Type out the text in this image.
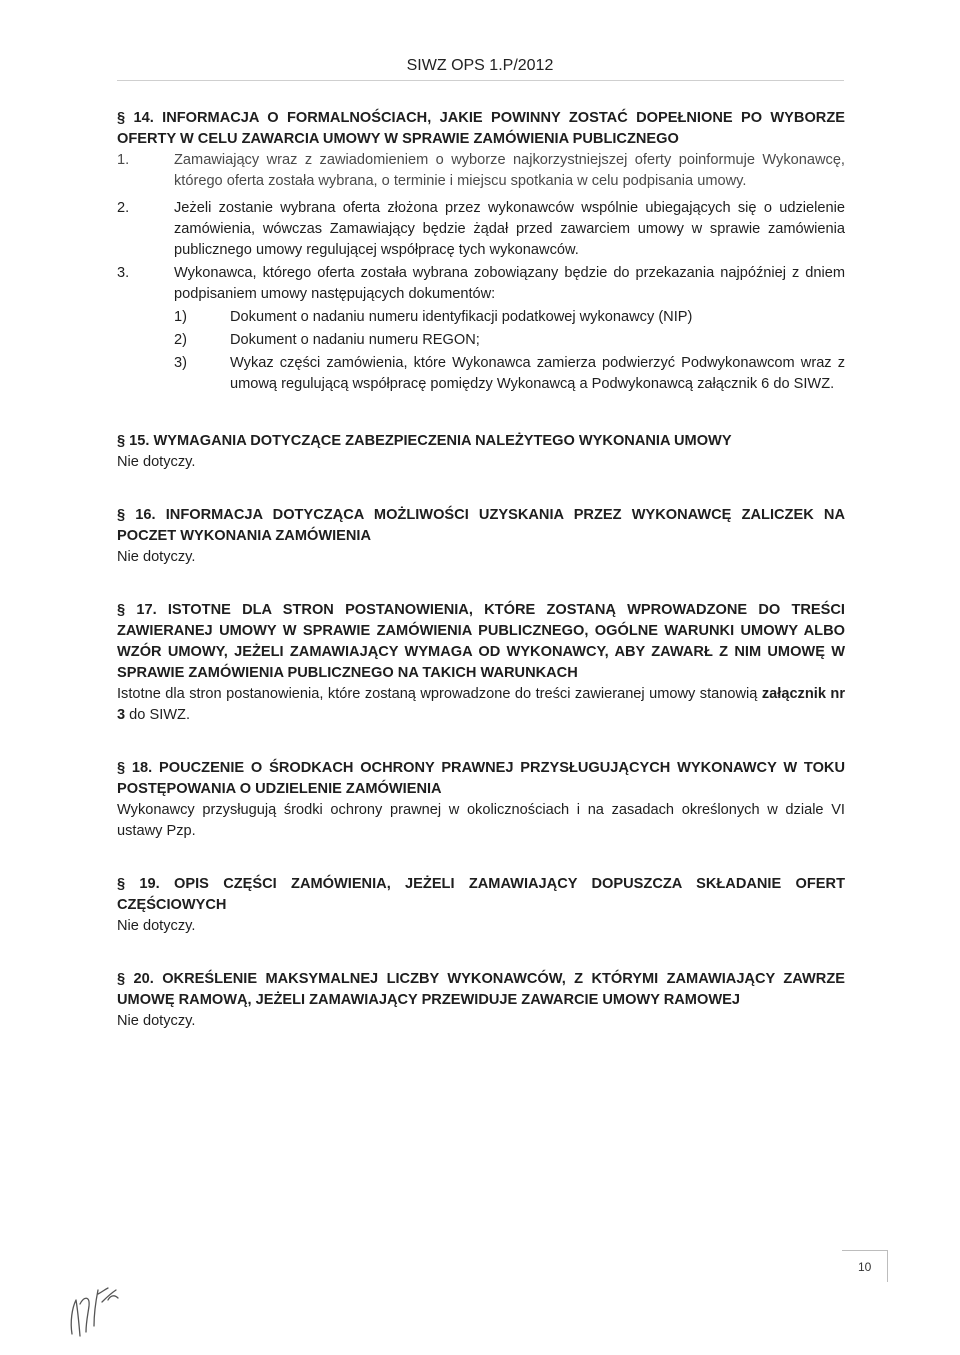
SIWZ OPS 1.P/2012
§ 14. INFORMACJA O FORMALNOŚCIACH, JAKIE POWINNY ZOSTAĆ DOPEŁNIONE PO WYBORZE OFERTY W CELU ZAWARCIA UMOWY W SPRAWIE ZAMÓWIENIA PUBLICZNEGO
1.	Zamawiający wraz z zawiadomieniem o wyborze najkorzystniejszej oferty poinformuje Wykonawcę, którego oferta została wybrana, o terminie i miejscu spotkania w celu podpisania umowy.
2.	Jeżeli zostanie wybrana oferta złożona przez wykonawców wspólnie ubiegających się o udzielenie zamówienia, wówczas Zamawiający będzie żądał przed zawarciem umowy w sprawie zamówienia publicznego umowy regulującej współpracę tych wykonawców.
3.	Wykonawca, którego oferta została wybrana zobowiązany będzie do przekazania najpóźniej z dniem podpisaniem umowy następujących dokumentów:
1)	Dokument o nadaniu numeru identyfikacji podatkowej wykonawcy (NIP)
2)	Dokument o nadaniu numeru REGON;
3)	Wykaz części zamówienia, które Wykonawca zamierza podwierzyć Podwykonawcom wraz z umową regulującą współpracę pomiędzy Wykonawcą a Podwykonawcą załącznik 6 do SIWZ.
§ 15. WYMAGANIA DOTYCZĄCE ZABEZPIECZENIA NALEŻYTEGO WYKONANIA UMOWY
Nie dotyczy.
§ 16. INFORMACJA DOTYCZĄCA MOŻLIWOŚCI UZYSKANIA PRZEZ WYKONAWCĘ ZALICZEK NA POCZET WYKONANIA ZAMÓWIENIA
Nie dotyczy.
§ 17. ISTOTNE DLA STRON POSTANOWIENIA, KTÓRE ZOSTANĄ WPROWADZONE DO TREŚCI ZAWIERANEJ UMOWY W SPRAWIE ZAMÓWIENIA PUBLICZNEGO, OGÓLNE WARUNKI UMOWY ALBO WZÓR UMOWY, JEŻELI ZAMAWIAJĄCY WYMAGA OD WYKONAWCY, ABY ZAWARŁ Z NIM UMOWĘ W SPRAWIE ZAMÓWIENIA PUBLICZNEGO NA TAKICH WARUNKACH
Istotne dla stron postanowienia, które zostaną wprowadzone do treści zawieranej umowy stanowią załącznik nr 3 do SIWZ.
§ 18. POUCZENIE O ŚRODKACH OCHRONY PRAWNEJ PRZYSŁUGUJĄCYCH WYKONAWCY W TOKU POSTĘPOWANIA O UDZIELENIE ZAMÓWIENIA
Wykonawcy przysługują środki ochrony prawnej w okolicznościach i na zasadach określonych w dziale VI ustawy Pzp.
§ 19. OPIS CZĘŚCI ZAMÓWIENIA, JEŻELI ZAMAWIAJĄCY DOPUSZCZA SKŁADANIE OFERT CZĘŚCIOWYCH
Nie dotyczy.
§ 20. OKREŚLENIE MAKSYMALNEJ LICZBY WYKONAWCÓW, Z KTÓRYMI ZAMAWIAJĄCY ZAWRZE UMOWĘ RAMOWĄ, JEŻELI ZAMAWIAJĄCY PRZEWIDUJE ZAWARCIE UMOWY RAMOWEJ
Nie dotyczy.
10
